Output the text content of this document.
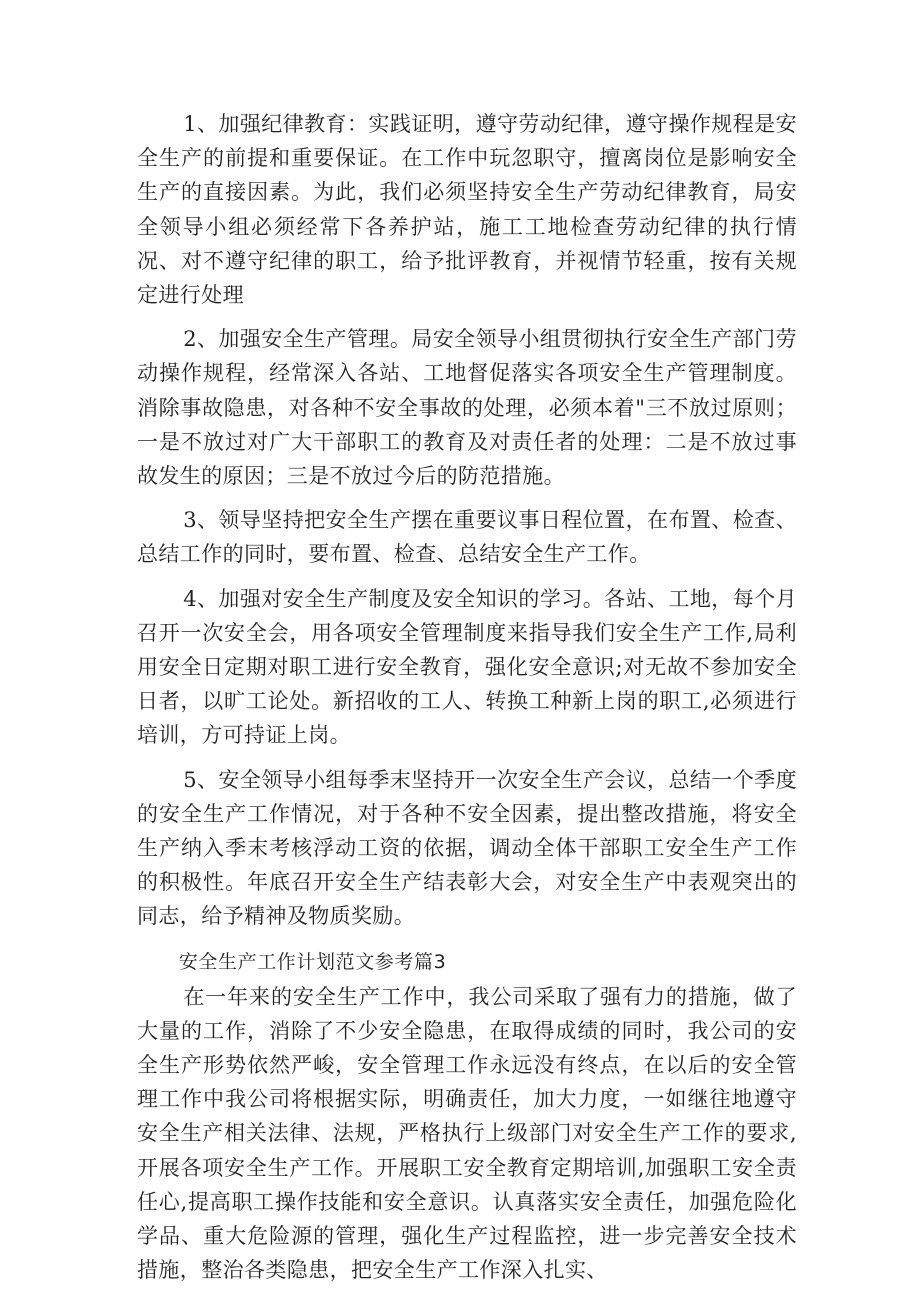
1、加强纪律教育：实践证明，遵守劳动纪律，遵守操作规程是安全生产的前提和重要保证。在工作中玩忽职守，擅离岗位是影响安全生产的直接因素。为此，我们必须坚持安全生产劳动纪律教育，局安全领导小组必须经常下各养护站，施工工地检查劳动纪律的执行情况、对不遵守纪律的职工，给予批评教育，并视情节轻重，按有关规定进行处理

2、加强安全生产管理。局安全领导小组贯彻执行安全生产部门劳动操作规程，经常深入各站、工地督促落实各项安全生产管理制度。消除事故隐患，对各种不安全事故的处理，必须本着"三不放过原则；一是不放过对广大干部职工的教育及对责任者的处理：二是不放过事故发生的原因；三是不放过今后的防范措施。

3、领导坚持把安全生产摆在重要议事日程位置，在布置、检查、总结工作的同时，要布置、检查、总结安全生产工作。

4、加强对安全生产制度及安全知识的学习。各站、工地，每个月召开一次安全会，用各项安全管理制度来指导我们安全生产工作,局利用安全日定期对职工进行安全教育，强化安全意识;对无故不参加安全日者，以旷工论处。新招收的工人、转换工种新上岗的职工,必须进行培训，方可持证上岗。

5、安全领导小组每季末坚持开一次安全生产会议，总结一个季度的安全生产工作情况，对于各种不安全因素，提出整改措施，将安全生产纳入季末考核浮动工资的依据，调动全体干部职工安全生产工作的积极性。年底召开安全生产结表彰大会，对安全生产中表观突出的同志，给予精神及物质奖励。

安全生产工作计划范文参考篇3

在一年来的安全生产工作中，我公司采取了强有力的措施，做了大量的工作，消除了不少安全隐患，在取得成绩的同时，我公司的安全生产形势依然严峻，安全管理工作永远没有终点，在以后的安全管理工作中我公司将根据实际，明确责任，加大力度，一如继往地遵守安全生产相关法律、法规，严格执行上级部门对安全生产工作的要求,开展各项安全生产工作。开展职工安全教育定期培训,加强职工安全责任心,提高职工操作技能和安全意识。认真落实安全责任，加强危险化学品、重大危险源的管理，强化生产过程监控，进一步完善安全技术措施，整治各类隐患，把安全生产工作深入扎实、
